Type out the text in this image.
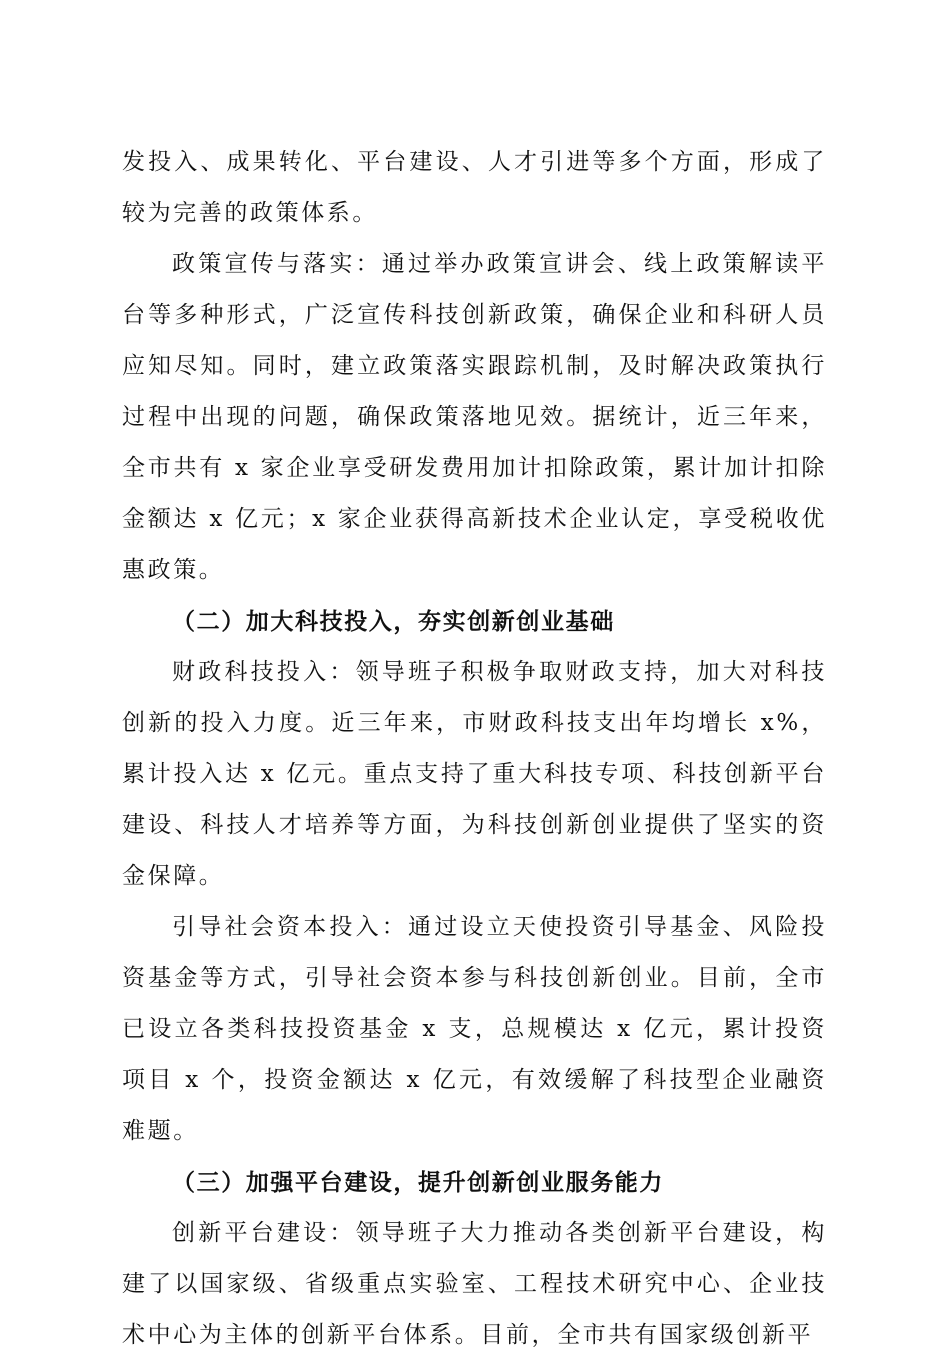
发投入、成果转化、平台建设、人才引进等多个方面，形成了较为完善的政策体系。

政策宣传与落实：通过举办政策宣讲会、线上政策解读平台等多种形式，广泛宣传科技创新政策，确保企业和科研人员应知尽知。同时，建立政策落实跟踪机制，及时解决政策执行过程中出现的问题，确保政策落地见效。据统计，近三年来，全市共有 x 家企业享受研发费用加计扣除政策，累计加计扣除金额达 x 亿元；x 家企业获得高新技术企业认定，享受税收优惠政策。

（二）加大科技投入，夯实创新创业基础

财政科技投入：领导班子积极争取财政支持，加大对科技创新的投入力度。近三年来，市财政科技支出年均增长 x%，累计投入达 x 亿元。重点支持了重大科技专项、科技创新平台建设、科技人才培养等方面，为科技创新创业提供了坚实的资金保障。

引导社会资本投入：通过设立天使投资引导基金、风险投资基金等方式，引导社会资本参与科技创新创业。目前，全市已设立各类科技投资基金 x 支，总规模达 x 亿元，累计投资项目 x 个，投资金额达 x 亿元，有效缓解了科技型企业融资难题。

（三）加强平台建设，提升创新创业服务能力

创新平台建设：领导班子大力推动各类创新平台建设，构建了以国家级、省级重点实验室、工程技术研究中心、企业技术中心为主体的创新平台体系。目前，全市共有国家级创新平
